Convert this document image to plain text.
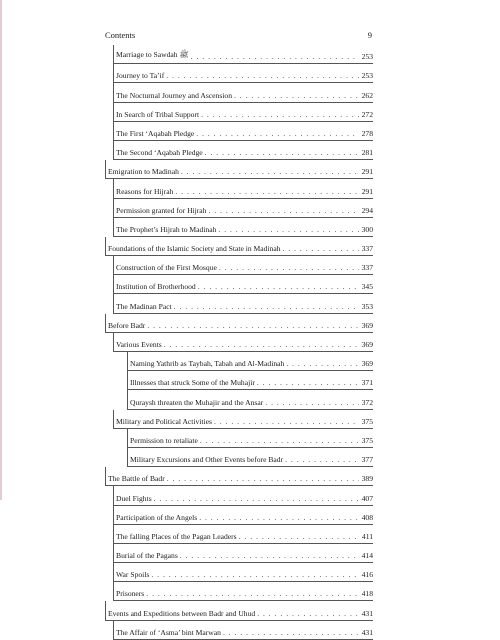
Contents	9
Marriage to Sawdah ﷺ . . .	253
Journey to Ta’if . . .	253
The Nocturnal Journey and Ascension . . .	262
In Search of Tribal Support . . .	272
The First ‘Aqabah Pledge . . .	278
The Second ‘Aqabah Pledge . . .	281
Emigration to Madinah . . .	291
Reasons for Hijrah . . .	291
Permission granted for Hijrah . . .	294
The Prophet’s Hijrah to Madinah . . .	300
Foundations of the Islamic Society and State in Madinah . . .	337
Construction of the First Mosque . . .	337
Institution of Brotherhood . . .	345
The Madinan Pact . . .	353
Before Badr . . .	369
Various Events . . .	369
Naming Yathrib as Taybah, Tabah and Al-Madinah . . .	369
Illnesses that struck Some of the Muhajir . . .	371
Quraysh threaten the Muhajir and the Ansar . . .	372
Military and Political Activities . . .	375
Permission to retaliate . . .	375
Military Excursions and Other Events before Badr . . .	377
The Battle of Badr . . .	389
Duel Fights . . .	407
Participation of the Angels . . .	408
The falling Places of the Pagan Leaders . . .	411
Burial of the Pagans . . .	414
War Spoils . . .	416
Prisoners . . .	418
Events and Expeditions between Badr and Uhud . . .	431
The Affair of ‘Asma’ bint Marwan . . .	431
